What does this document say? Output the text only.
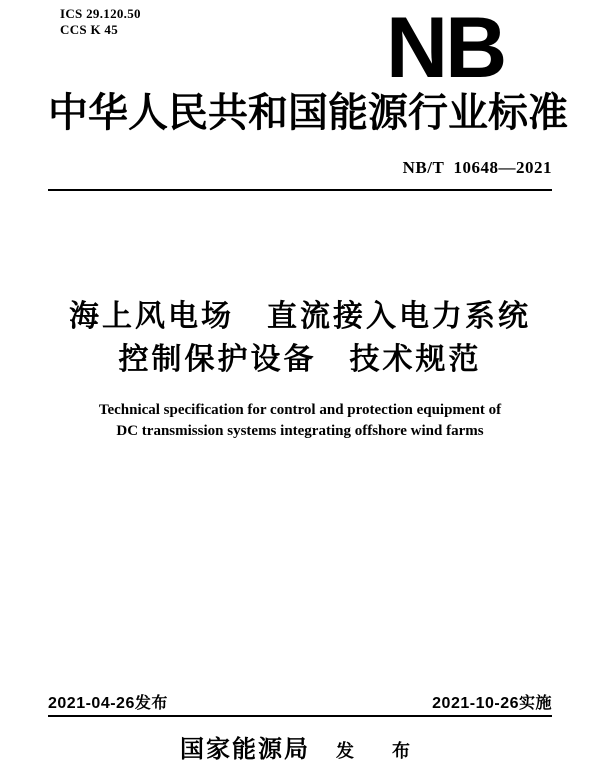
ICS 29.120.50
CCS K 45	NB
中华人民共和国能源行业标准
NB/T  10648—2021
海上风电场　直流接入电力系统
控制保护设备　技术规范
Technical specification for control and protection equipment of
DC transmission systems integrating offshore wind farms
2021-04-26发布	2021-10-26实施
国家能源局 发　布
